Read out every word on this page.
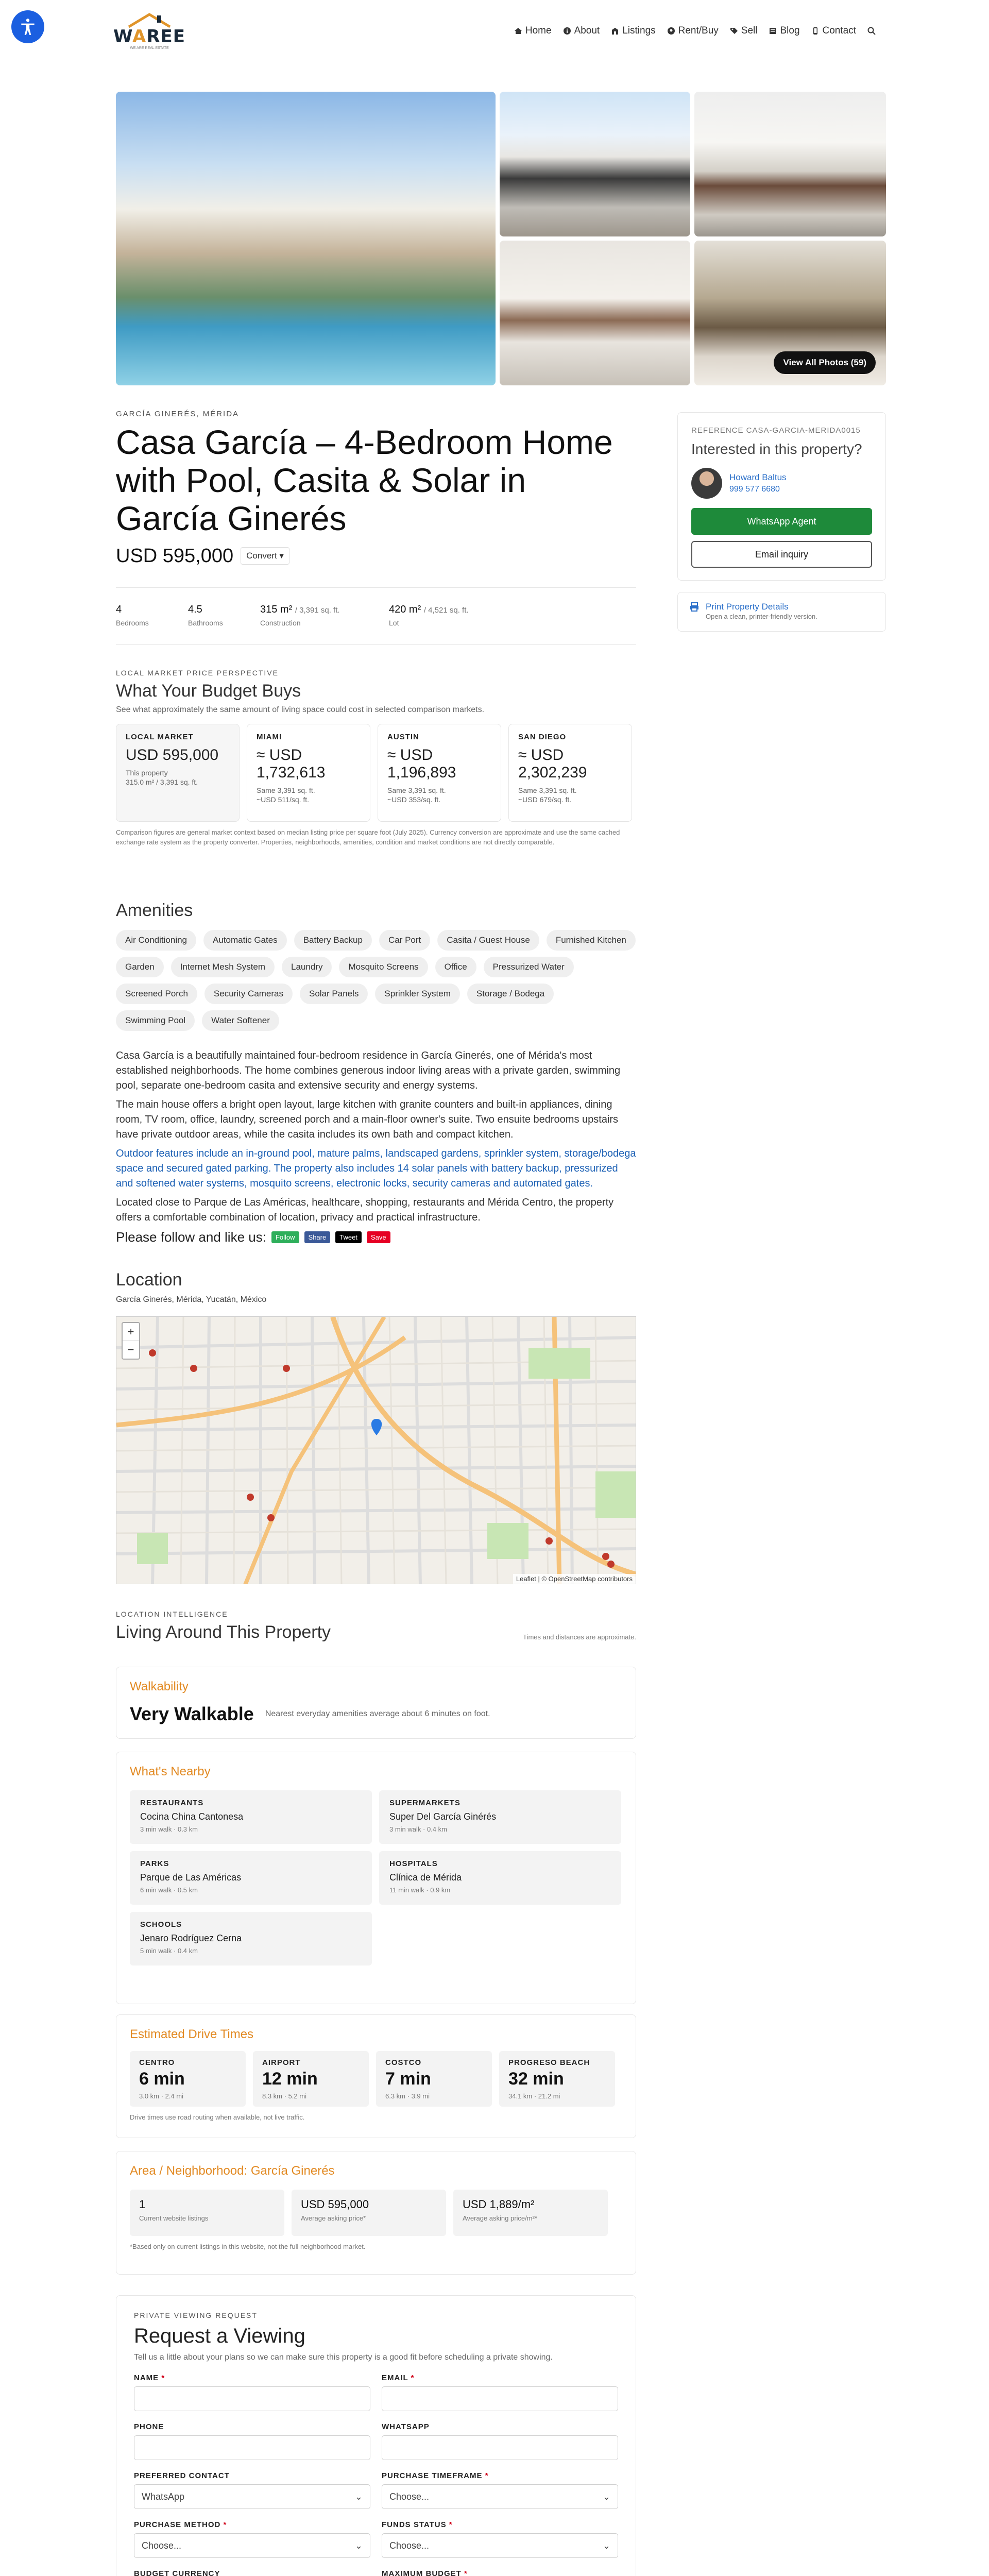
WAREE
WE ARE REAL ESTATE
Home About Listings Rent/Buy Sell Blog Contact
View All Photos (59)
GARCÍA GINERÉS, MÉRIDA
Casa García – 4-Bedroom Home with Pool, Casita & Solar in García Ginerés
USD 595,000	Convert ▾
4
Bedrooms
4.5
Bathrooms
315 m² / 3,391 sq. ft.
Construction
420 m² / 4,521 sq. ft.
Lot
LOCAL MARKET PRICE PERSPECTIVE
What Your Budget Buys
See what approximately the same amount of living space could cost in selected comparison markets.
LOCAL MARKET
USD 595,000
This property
315.0 m² / 3,391 sq. ft.
MIAMI
≈ USD 1,732,613
Same 3,391 sq. ft.
~USD 511/sq. ft.
AUSTIN
≈ USD 1,196,893
Same 3,391 sq. ft.
~USD 353/sq. ft.
SAN DIEGO
≈ USD 2,302,239
Same 3,391 sq. ft.
~USD 679/sq. ft.
Comparison figures are general market context based on median listing price per square foot (July 2025). Currency conversion are approximate and use the same cached exchange rate system as the property converter. Properties, neighborhoods, amenities, condition and market conditions are not directly comparable.
Amenities
Air Conditioning	Automatic Gates	Battery Backup	Car Port	Casita / Guest House	Furnished Kitchen
Garden	Internet Mesh System	Laundry	Mosquito Screens	Office	Pressurized Water
Screened Porch	Security Cameras	Solar Panels	Sprinkler System	Storage / Bodega
Swimming Pool	Water Softener

Casa García is a beautifully maintained four-bedroom residence in García Ginerés, one of Mérida's most established neighborhoods. The home combines generous indoor living areas with a private garden, swimming pool, separate one-bedroom casita and extensive security and energy systems.

The main house offers a bright open layout, large kitchen with granite counters and built-in appliances, dining room, TV room, office, laundry, screened porch and a main-floor owner's suite. Two ensuite bedrooms upstairs have private outdoor areas, while the casita includes its own bath and compact kitchen.

Outdoor features include an in-ground pool, mature palms, landscaped gardens, sprinkler system, storage/bodega space and secured gated parking. The property also includes 14 solar panels with battery backup, pressurized and softened water systems, mosquito screens, electronic locks, security cameras and automated gates.

Located close to Parque de Las Américas, healthcare, shopping, restaurants and Mérida Centro, the property offers a comfortable combination of location, privacy and practical infrastructure.

Please follow and like us:	Follow	Share	Tweet	Save
Location
García Ginerés, Mérida, Yucatán, México
+
−
Leaflet | © OpenStreetMap contributors
LOCATION INTELLIGENCE
Living Around This Property	Times and distances are approximate.
Walkability
Very Walkable Nearest everyday amenities average about 6 minutes on foot.
What's Nearby
RESTAURANTS
Cocina China Cantonesa
3 min walk · 0.3 km
SUPERMARKETS
Super Del García Ginérés
3 min walk · 0.4 km
PARKS
Parque de Las Américas
6 min walk · 0.5 km
HOSPITALS
Clínica de Mérida
11 min walk · 0.9 km
SCHOOLS
Jenaro Rodríguez Cerna
5 min walk · 0.4 km
Estimated Drive Times
CENTRO
6 min
3.0 km · 2.4 mi
AIRPORT
12 min
8.3 km · 5.2 mi
COSTCO
7 min
6.3 km · 3.9 mi
PROGRESO BEACH
32 min
34.1 km · 21.2 mi
Drive times use road routing when available, not live traffic.
Area / Neighborhood: García Ginerés
1
Current website listings
USD 595,000
Average asking price*
USD 1,889/m²
Average asking price/m²*
*Based only on current listings in this website, not the full neighborhood market.
PRIVATE VIEWING REQUEST
Request a Viewing
Tell us a little about your plans so we can make sure this property is a good fit before scheduling a private showing.
NAME *	EMAIL *
PHONE	WHATSAPP
PREFERRED CONTACT
WhatsApp	⌄
PURCHASE TIMEFRAME *
Choose...	⌄
PURCHASE METHOD *
Choose...	⌄
FUNDS STATUS *
Choose...	⌄
BUDGET CURRENCY	MAXIMUM BUDGET *
REFERENCE CASA-GARCIA-MERIDA0015
Interested in this property?
Howard Baltus
999 577 6680
WhatsApp Agent
Email inquiry
Print Property Details
Open a clean, printer-friendly version.
